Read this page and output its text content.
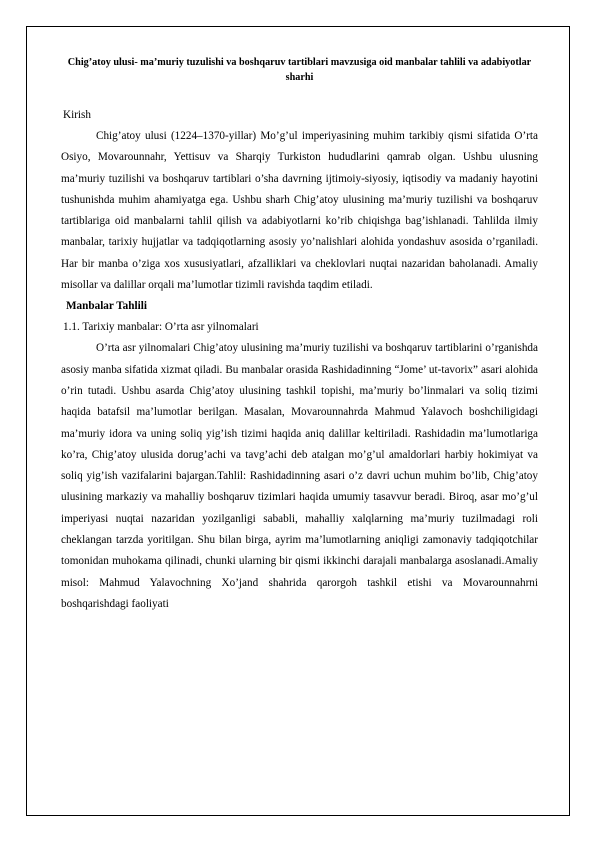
Chig’atoy ulusi- ma’muriy tuzulishi va boshqaruv tartiblari mavzusiga oid manbalar tahlili va adabiyotlar sharhi

Kirish

Chig’atoy ulusi (1224–1370-yillar) Mo’g’ul imperiyasining muhim tarkibiy qismi sifatida O’rta Osiyo, Movarounnahr, Yettisuv va Sharqiy Turkiston hududlarini qamrab olgan. Ushbu ulusning ma’muriy tuzilishi va boshqaruv tartiblari o’sha davrning ijtimoiy-siyosiy, iqtisodiy va madaniy hayotini tushunishda muhim ahamiyatga ega. Ushbu sharh Chig’atoy ulusining ma’muriy tuzilishi va boshqaruv tartiblariga oid manbalarni tahlil qilish va adabiyotlarni ko’rib chiqishga bag’ishlanadi. Tahlilda ilmiy manbalar, tarixiy hujjatlar va tadqiqotlarning asosiy yo’nalishlari alohida yondashuv asosida o’rganiladi. Har bir manba o’ziga xos xususiyatlari, afzalliklari va cheklovlari nuqtai nazaridan baholanadi. Amaliy misollar va dalillar orqali ma’lumotlar tizimli ravishda taqdim etiladi.

Manbalar Tahlili

1.1. Tarixiy manbalar: O’rta asr yilnomalari

O’rta asr yilnomalari Chig’atoy ulusining ma’muriy tuzilishi va boshqaruv tartiblarini o’rganishda asosiy manba sifatida xizmat qiladi. Bu manbalar orasida Rashidadinning “Jome’ ut-tavorix” asari alohida o’rin tutadi. Ushbu asarda Chig’atoy ulusining tashkil topishi, ma’muriy bo’linmalari va soliq tizimi haqida batafsil ma’lumotlar berilgan. Masalan, Movarounnahrda Mahmud Yalavoch boshchiligidagi ma’muriy idora va uning soliq yig’ish tizimi haqida aniq dalillar keltiriladi. Rashidadin ma’lumotlariga ko’ra, Chig’atoy ulusida dorug’achi va tavg’achi deb atalgan mo’g’ul amaldorlari harbiy hokimiyat va soliq yig’ish vazifalarini bajargan.Tahlil: Rashidadinning asari o’z davri uchun muhim bo’lib, Chig’atoy ulusining markaziy va mahalliy boshqaruv tizimlari haqida umumiy tasavvur beradi. Biroq, asar mo’g’ul imperiyasi nuqtai nazaridan yozilganligi sababli, mahalliy xalqlarning ma’muriy tuzilmadagi roli cheklangan tarzda yoritilgan. Shu bilan birga, ayrim ma’lumotlarning aniqligi zamonaviy tadqiqotchilar tomonidan muhokama qilinadi, chunki ularning bir qismi ikkinchi darajali manbalarga asoslanadi.Amaliy misol: Mahmud Yalavochning Xo’jand shahrida qarorgoh tashkil etishi va Movarounnahrni boshqarishdagi faoliyati
